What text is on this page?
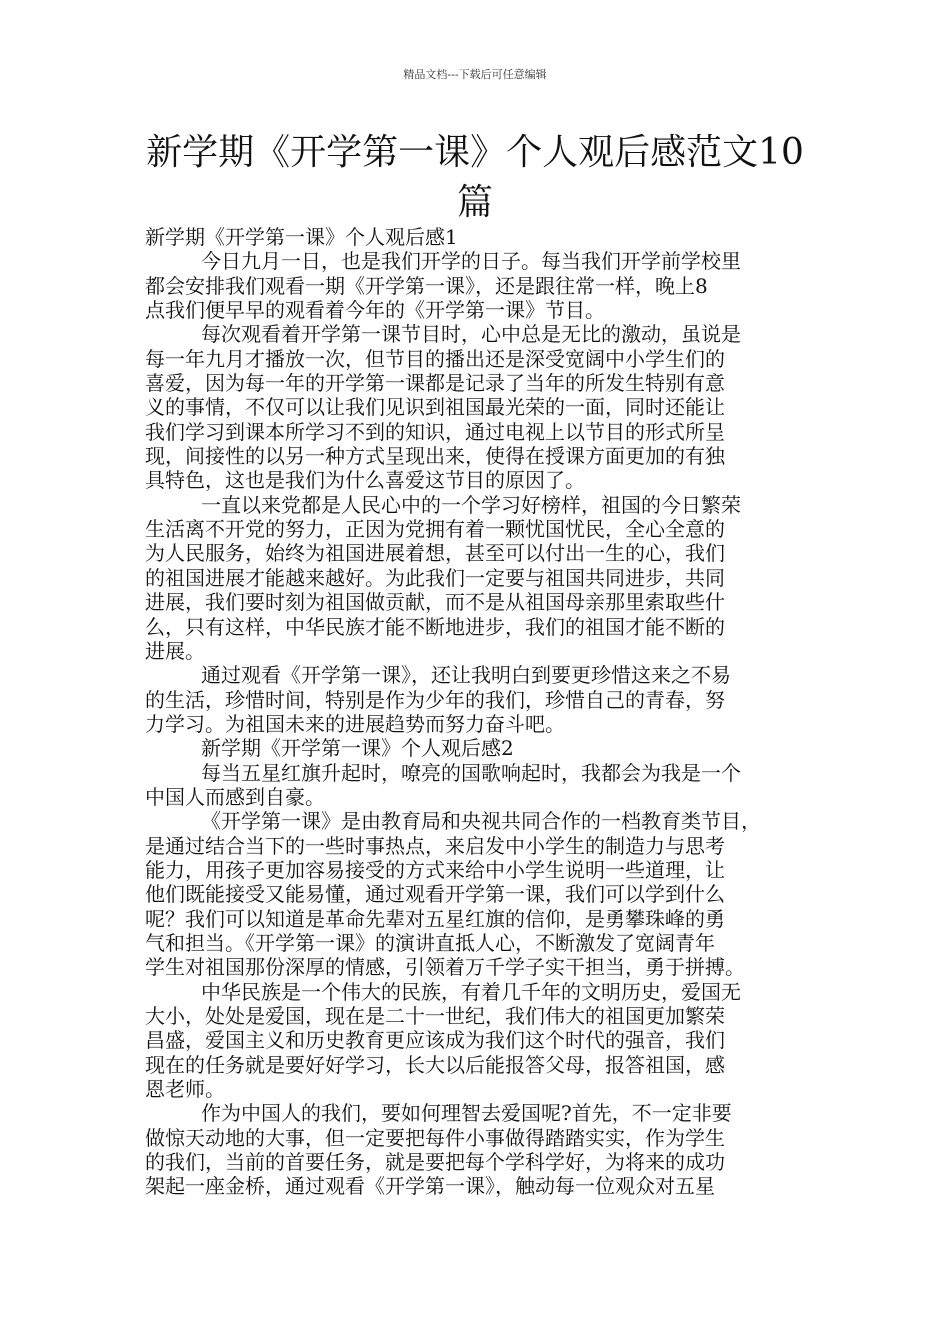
精品文档---下载后可任意编辑
新学期《开学第一课》个人观后感范文10
篇
新学期《开学第一课》个人观后感1
今日九月一日，也是我们开学的日子。每当我们开学前学校里
都会安排我们观看一期《开学第一课》，还是跟往常一样，晚上8
点我们便早早的观看着今年的《开学第一课》节目。
每次观看着开学第一课节目时，心中总是无比的激动，虽说是
每一年九月才播放一次，但节目的播出还是深受宽阔中小学生们的
喜爱，因为每一年的开学第一课都是记录了当年的所发生特别有意
义的事情，不仅可以让我们见识到祖国最光荣的一面，同时还能让
我们学习到课本所学习不到的知识，通过电视上以节目的形式所呈
现，间接性的以另一种方式呈现出来，使得在授课方面更加的有独
具特色，这也是我们为什么喜爱这节目的原因了。
一直以来党都是人民心中的一个学习好榜样，祖国的今日繁荣
生活离不开党的努力，正因为党拥有着一颗忧国忧民，全心全意的
为人民服务，始终为祖国进展着想，甚至可以付出一生的心，我们
的祖国进展才能越来越好。为此我们一定要与祖国共同进步，共同
进展，我们要时刻为祖国做贡献，而不是从祖国母亲那里索取些什
么，只有这样，中华民族才能不断地进步，我们的祖国才能不断的
进展。
通过观看《开学第一课》，还让我明白到要更珍惜这来之不易
的生活，珍惜时间，特别是作为少年的我们，珍惜自己的青春，努
力学习。为祖国未来的进展趋势而努力奋斗吧。
新学期《开学第一课》个人观后感2
每当五星红旗升起时，嘹亮的国歌响起时，我都会为我是一个
中国人而感到自豪。
《开学第一课》是由教育局和央视共同合作的一档教育类节目，
是通过结合当下的一些时事热点，来启发中小学生的制造力与思考
能力，用孩子更加容易接受的方式来给中小学生说明一些道理，让
他们既能接受又能易懂，通过观看开学第一课，我们可以学到什么
呢？我们可以知道是革命先辈对五星红旗的信仰，是勇攀珠峰的勇
气和担当。《开学第一课》的演讲直抵人心，不断激发了宽阔青年
学生对祖国那份深厚的情感，引领着万千学子实干担当，勇于拼搏。
中华民族是一个伟大的民族，有着几千年的文明历史，爱国无
大小，处处是爱国，现在是二十一世纪，我们伟大的祖国更加繁荣
昌盛，爱国主义和历史教育更应该成为我们这个时代的强音，我们
现在的任务就是要好好学习，长大以后能报答父母，报答祖国，感
恩老师。
作为中国人的我们，要如何理智去爱国呢?首先，不一定非要
做惊天动地的大事，但一定要把每件小事做得踏踏实实，作为学生
的我们，当前的首要任务，就是要把每个学科学好，为将来的成功
架起一座金桥，通过观看《开学第一课》，触动每一位观众对五星
